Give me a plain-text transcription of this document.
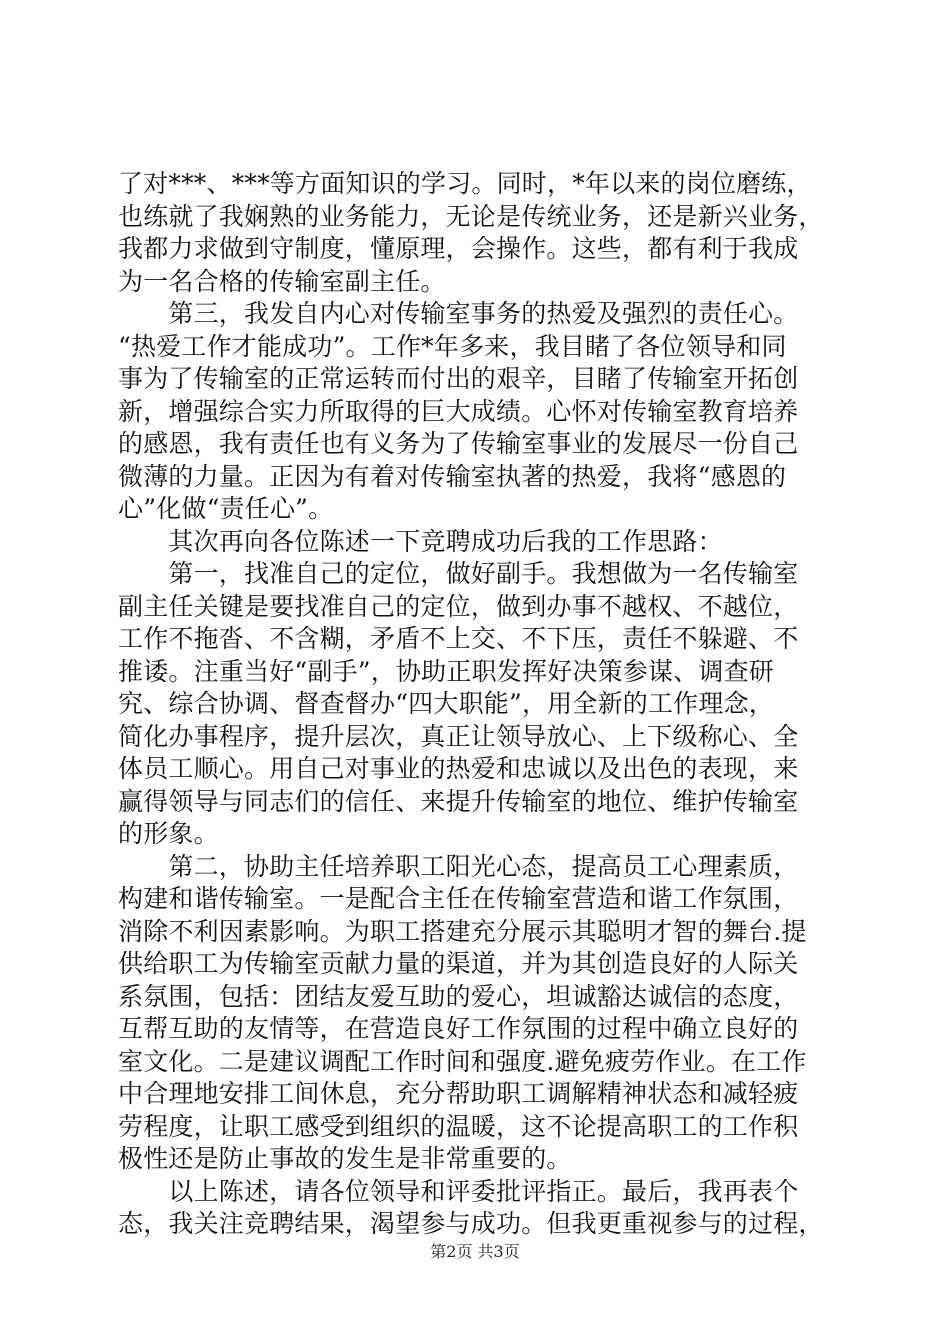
了对***、***等方面知识的学习。同时，*年以来的岗位磨练，
也练就了我娴熟的业务能力，无论是传统业务，还是新兴业务，
我都力求做到守制度，懂原理，会操作。这些，都有利于我成
为一名合格的传输室副主任。
　　第三，我发自内心对传输室事务的热爱及强烈的责任心。
“热爱工作才能成功”。工作*年多来，我目睹了各位领导和同
事为了传输室的正常运转而付出的艰辛，目睹了传输室开拓创
新，增强综合实力所取得的巨大成绩。心怀对传输室教育培养
的感恩，我有责任也有义务为了传输室事业的发展尽一份自己
微薄的力量。正因为有着对传输室执著的热爱，我将“感恩的
心”化做“责任心”。
　　其次再向各位陈述一下竞聘成功后我的工作思路：
　　第一，找准自己的定位，做好副手。我想做为一名传输室
副主任关键是要找准自己的定位，做到办事不越权、不越位，
工作不拖沓、不含糊，矛盾不上交、不下压，责任不躲避、不
推诿。注重当好“副手”，协助正职发挥好决策参谋、调查研
究、综合协调、督查督办“四大职能”，用全新的工作理念，
简化办事程序，提升层次，真正让领导放心、上下级称心、全
体员工顺心。用自己对事业的热爱和忠诚以及出色的表现，来
赢得领导与同志们的信任、来提升传输室的地位、维护传输室
的形象。
　　第二，协助主任培养职工阳光心态，提高员工心理素质，
构建和谐传输室。一是配合主任在传输室营造和谐工作氛围，
消除不利因素影响。为职工搭建充分展示其聪明才智的舞台.提
供给职工为传输室贡献力量的渠道，并为其创造良好的人际关
系氛围，包括：团结友爱互助的爱心，坦诚豁达诚信的态度，
互帮互助的友情等，在营造良好工作氛围的过程中确立良好的
室文化。二是建议调配工作时间和强度.避免疲劳作业。在工作
中合理地安排工间休息，充分帮助职工调解精神状态和减轻疲
劳程度，让职工感受到组织的温暖，这不论提高职工的工作积
极性还是防止事故的发生是非常重要的。
　　以上陈述，请各位领导和评委批评指正。最后，我再表个
态，我关注竞聘结果，渴望参与成功。但我更重视参与的过程，
第2页 共3页
